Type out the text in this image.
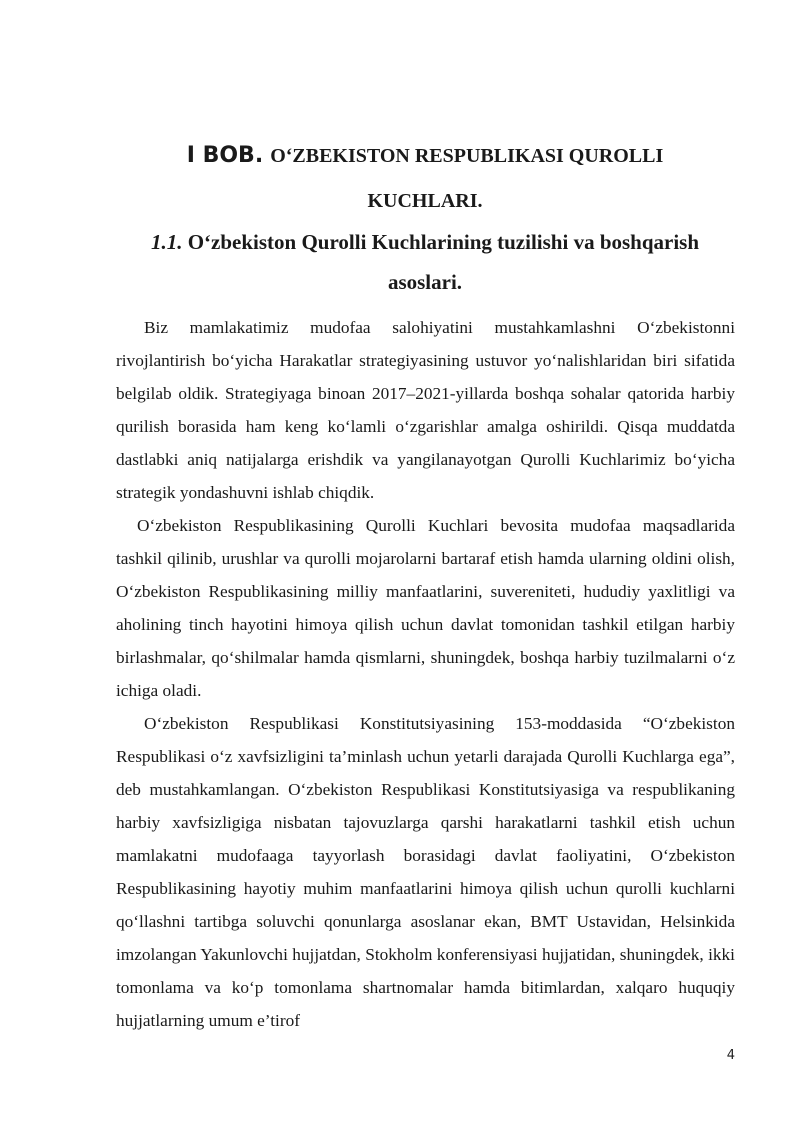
I BOB. O‘ZBEKISTON RESPUBLIKASI QUROLLI
KUCHLARI.
1.1. O‘zbekiston Qurolli Kuchlarining tuzilishi va boshqarish asoslari.

Biz mamlakatimiz mudofaa salohiyatini mustahkamlashni O‘zbekistonni rivojlantirish bo‘yicha Harakatlar strategiyasining ustuvor yo‘nalishlaridan biri sifatida belgilab oldik. Strategiyaga binoan 2017–2021-yillarda boshqa sohalar qatorida harbiy qurilish borasida ham keng ko‘lamli o‘zgarishlar amalga oshirildi. Qisqa muddatda dastlabki aniq natijalarga erishdik va yangilanayotgan Qurolli Kuchlarimiz bo‘yicha strategik yondashuvni ishlab chiqdik.

O‘zbekiston Respublikasining Qurolli Kuchlari bevosita mudofaa maqsadlarida tashkil qilinib, urushlar va qurolli mojarolarni bartaraf etish hamda ularning oldini olish, O‘zbekiston Respublikasining milliy manfaatlarini, suvereniteti, hududiy yaxlitligi va aholining tinch hayotini himoya qilish uchun davlat tomonidan tashkil etilgan harbiy birlashmalar, qo‘shilmalar hamda qismlarni, shuningdek, boshqa harbiy tuzilmalarni o‘z ichiga oladi.

O‘zbekiston Respublikasi Konstitutsiyasining 153-moddasida “O‘zbekiston Respublikasi o‘z xavfsizligini ta’minlash uchun yetarli darajada Qurolli Kuchlarga ega”, deb mustahkamlangan. O‘zbekiston Respublikasi Konstitutsiyasiga va respublikaning harbiy xavfsizligiga nisbatan tajovuzlarga qarshi harakatlarni tashkil etish uchun mamlakatni mudofaaga tayyorlash borasidagi davlat faoliyatini, O‘zbekiston Respublikasining hayotiy muhim manfaatlarini himoya qilish uchun qurolli kuchlarni qo‘llashni tartibga soluvchi qonunlarga asoslanar ekan, BMT Ustavidan, Helsinkida imzolangan Yakunlovchi hujjatdan, Stokholm konferensiyasi hujjatidan, shuningdek, ikki tomonlama va ko‘p tomonlama shartnomalar hamda bitimlardan, xalqaro huquqiy hujjatlarning umum e’tirof

4
